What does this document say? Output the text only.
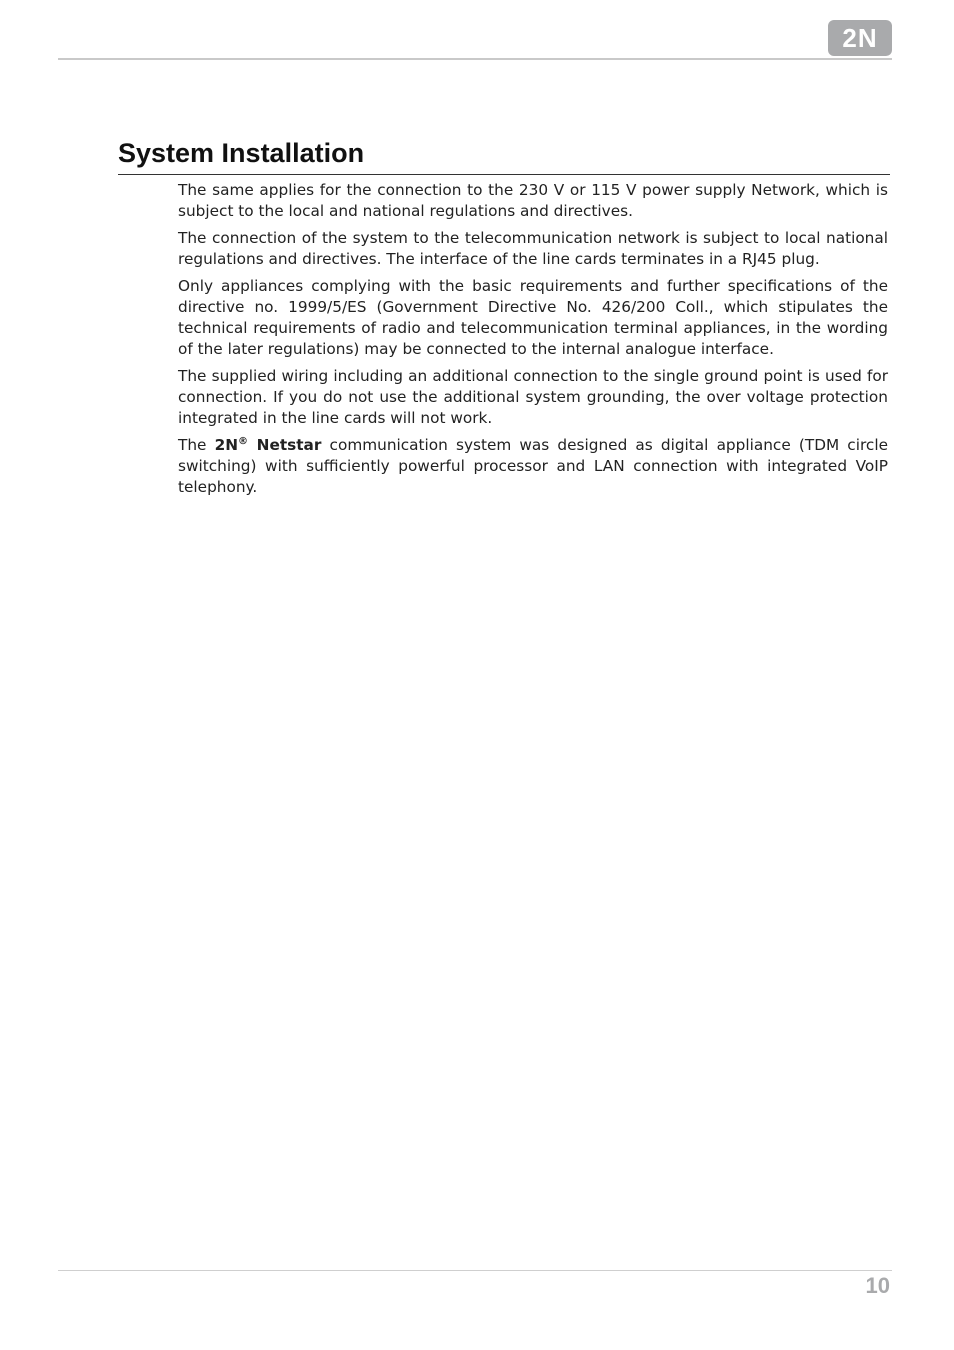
2N
System Installation

The same applies for the connection to the 230 V or 115 V power supply Network, which is subject to the local and national regulations and directives.

The connection of the system to the telecommunication network is subject to local national regulations and directives. The interface of the line cards terminates in a RJ45 plug.

Only appliances complying with the basic requirements and further specifications of the directive no. 1999/5/ES (Government Directive No. 426/200 Coll., which stipulates the technical requirements of radio and telecommunication terminal appliances, in the wording of the later regulations) may be connected to the internal analogue interface.

The supplied wiring including an additional connection to the single ground point is used for connection. If you do not use the additional system grounding, the over voltage protection integrated in the line cards will not work.

The 2N® Netstar communication system was designed as digital appliance (TDM circle switching) with sufficiently powerful processor and LAN connection with integrated VoIP telephony.

10
